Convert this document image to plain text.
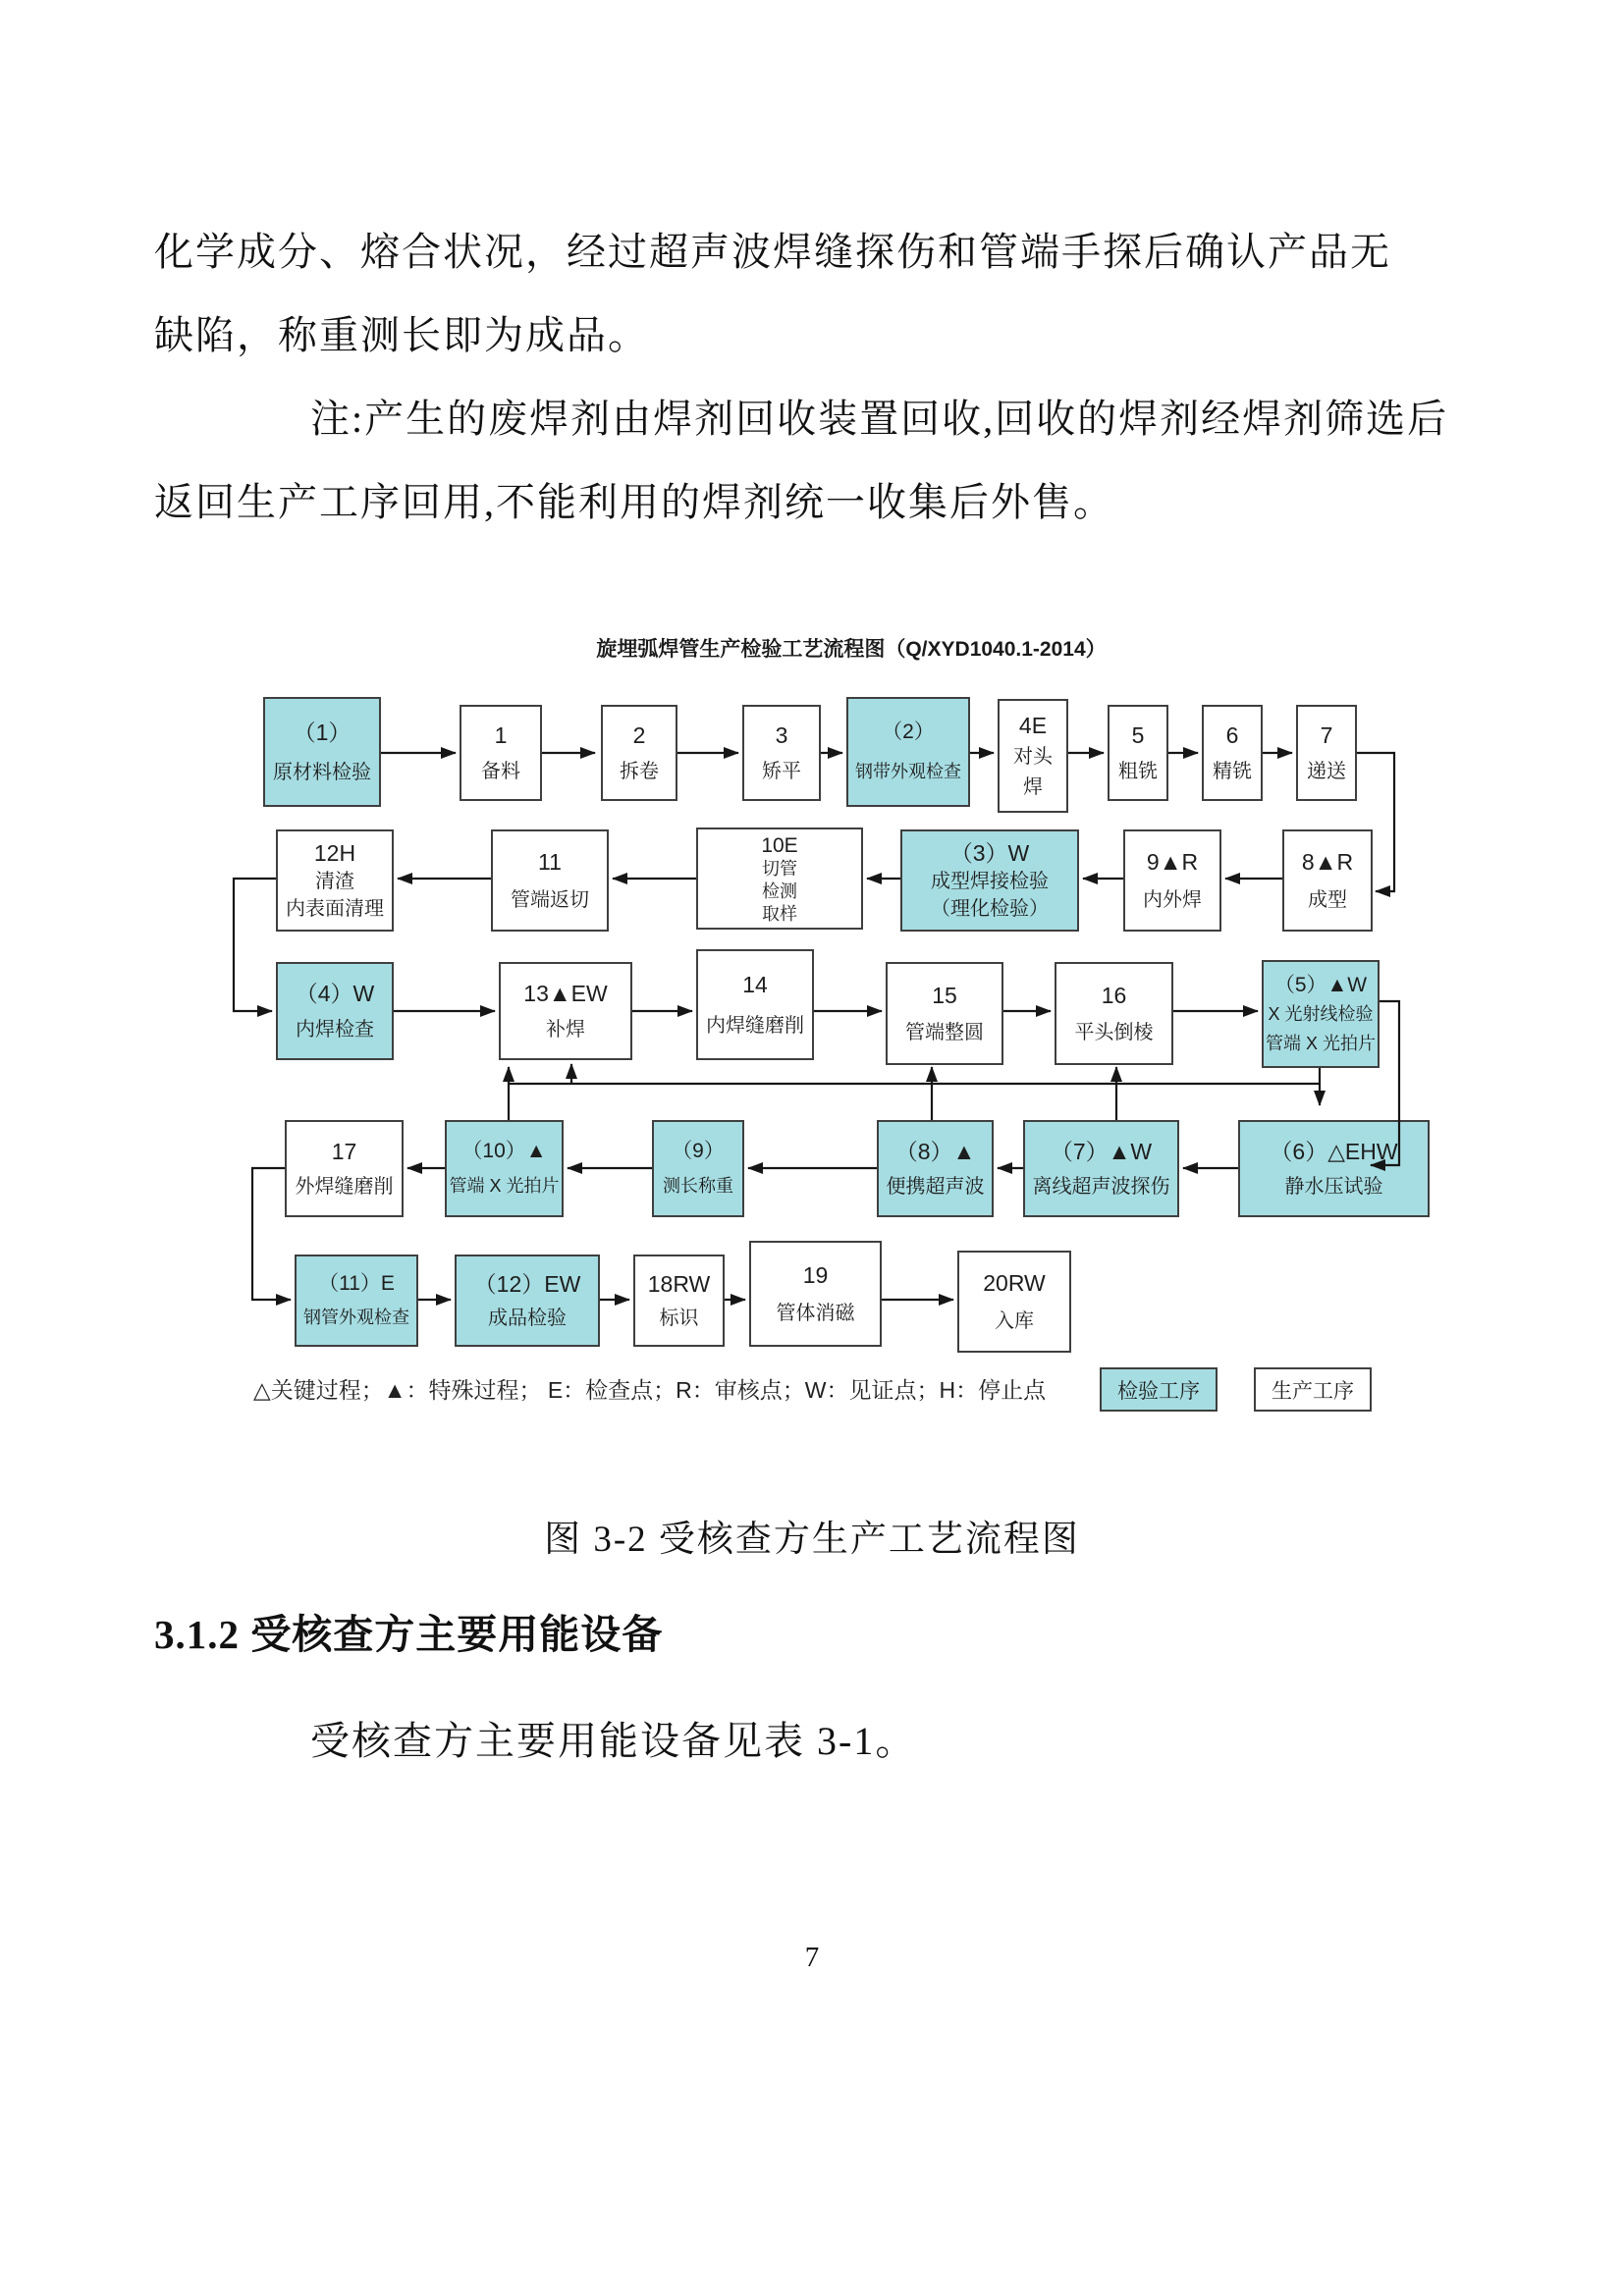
化学成分、熔合状况，经过超声波焊缝探伤和管端手探后确认产品无
缺陷，称重测长即为成品。
注:产生的废焊剂由焊剂回收装置回收,回收的焊剂经焊剂筛选后
返回生产工序回用,不能利用的焊剂统一收集后外售。
旋埋弧焊管生产检验工艺流程图（Q/XYD1040.1-2014）
（1）
原材料检验
1
备料
2
拆卷
3
矫平
（2）
钢带外观检查
4E
对头
焊
5
粗铣
6
精铣
7
递送
12H
清渣
内表面清理
11
管端返切
10E
切管
检测
取样
（3）W
成型焊接检验
（理化检验）
9▲R
内外焊
8▲R
成型
（4）W
内焊检查
13▲EW
补焊
14
内焊缝磨削
15
管端整圆
16
平头倒棱
（5）▲W
X 光射线检验
管端 X 光拍片
17
外焊缝磨削
（10）▲
管端 X 光拍片
（9）
测长称重
（8）▲
便携超声波
（7）▲W
离线超声波探伤
（6）△EHW
静水压试验
（11）E
钢管外观检查
（12）EW
成品检验
18RW
标识
19
管体消磁
20RW
入库
检验工序	生产工序
△关键过程；▲：特殊过程； E：检查点；R：审核点；W：见证点；H：停止点
图 3-2 受核查方生产工艺流程图
3.1.2 受核查方主要用能设备
受核查方主要用能设备见表 3-1。
7
